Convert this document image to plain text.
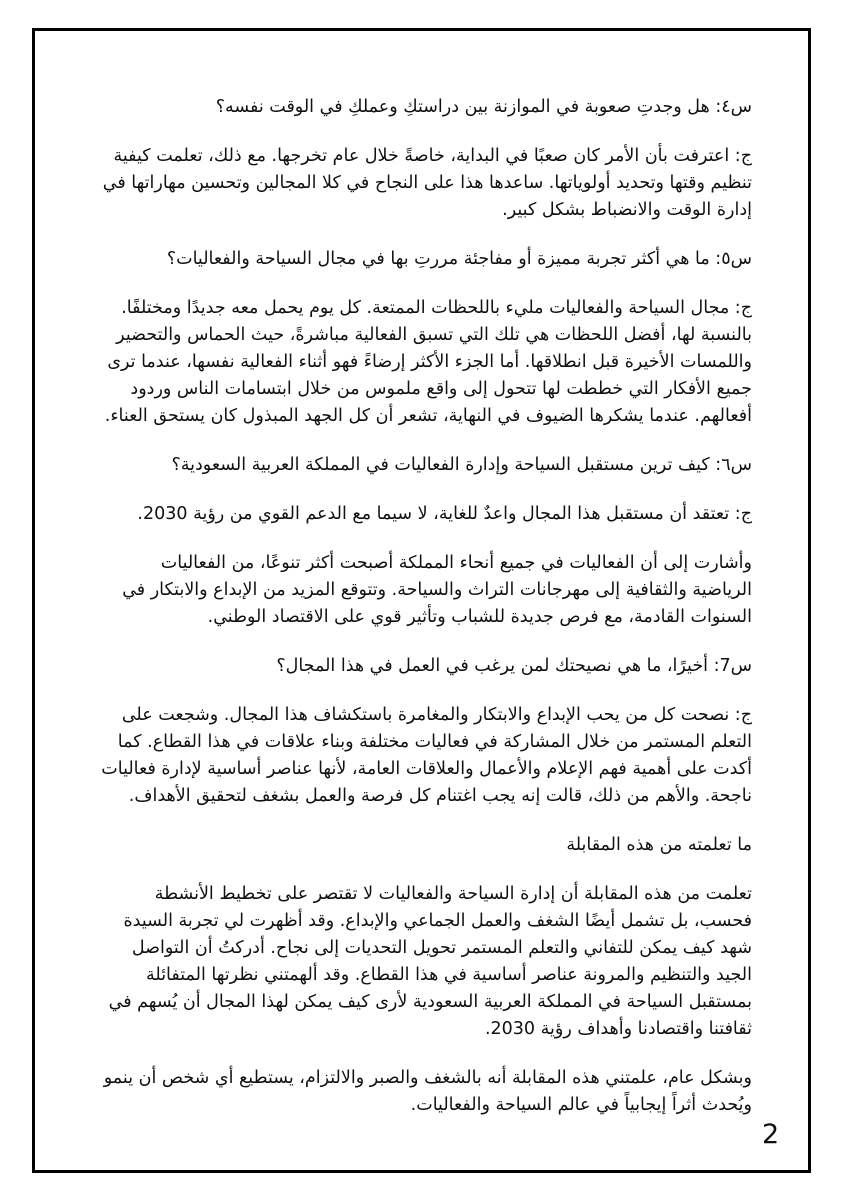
س٤: هل وجدتِ صعوبة في الموازنة بين دراستكِ وعملكِ في الوقت نفسه؟

ج: اعترفت بأن الأمر كان صعبًا في البداية، خاصةً خلال عام تخرجها. مع ذلك، تعلمت كيفية تنظيم وقتها وتحديد أولوياتها. ساعدها هذا على النجاح في كلا المجالين وتحسين مهاراتها في إدارة الوقت والانضباط بشكل كبير.

س٥: ما هي أكثر تجربة مميزة أو مفاجئة مررتِ بها في مجال السياحة والفعاليات؟

ج: مجال السياحة والفعاليات مليء باللحظات الممتعة. كل يوم يحمل معه جديدًا ومختلفًا. بالنسبة لها، أفضل اللحظات هي تلك التي تسبق الفعالية مباشرةً، حيث الحماس والتحضير واللمسات الأخيرة قبل انطلاقها. أما الجزء الأكثر إرضاءً فهو أثناء الفعالية نفسها، عندما ترى جميع الأفكار التي خططت لها تتحول إلى واقع ملموس من خلال ابتسامات الناس وردود أفعالهم. عندما يشكرها الضيوف في النهاية، تشعر أن كل الجهد المبذول كان يستحق العناء.

س٦: كيف ترين مستقبل السياحة وإدارة الفعاليات في المملكة العربية السعودية؟

ج: تعتقد أن مستقبل هذا المجال واعدٌ للغاية، لا سيما مع الدعم القوي من رؤية 2030.

وأشارت إلى أن الفعاليات في جميع أنحاء المملكة أصبحت أكثر تنوعًا، من الفعاليات الرياضية والثقافية إلى مهرجانات التراث والسياحة. وتتوقع المزيد من الإبداع والابتكار في السنوات القادمة، مع فرص جديدة للشباب وتأثير قوي على الاقتصاد الوطني.

س7: أخيرًا، ما هي نصيحتك لمن يرغب في العمل في هذا المجال؟

ج: نصحت كل من يحب الإبداع والابتكار والمغامرة باستكشاف هذا المجال. وشجعت على التعلم المستمر من خلال المشاركة في فعاليات مختلفة وبناء علاقات في هذا القطاع. كما أكدت على أهمية فهم الإعلام والأعمال والعلاقات العامة، لأنها عناصر أساسية لإدارة فعاليات ناجحة. والأهم من ذلك، قالت إنه يجب اغتنام كل فرصة والعمل بشغف لتحقيق الأهداف.

ما تعلمته من هذه المقابلة

تعلمت من هذه المقابلة أن إدارة السياحة والفعاليات لا تقتصر على تخطيط الأنشطة فحسب، بل تشمل أيضًا الشغف والعمل الجماعي والإبداع. وقد أظهرت لي تجربة السيدة شهد كيف يمكن للتفاني والتعلم المستمر تحويل التحديات إلى نجاح. أدركتُ أن التواصل الجيد والتنظيم والمرونة عناصر أساسية في هذا القطاع. وقد ألهمتني نظرتها المتفائلة بمستقبل السياحة في المملكة العربية السعودية لأرى كيف يمكن لهذا المجال أن يُسهم في ثقافتنا واقتصادنا وأهداف رؤية 2030.

وبشكل عام، علمتني هذه المقابلة أنه بالشغف والصبر والالتزام، يستطيع أي شخص أن ينمو ويُحدث أثراً إيجابياً في عالم السياحة والفعاليات.

2
